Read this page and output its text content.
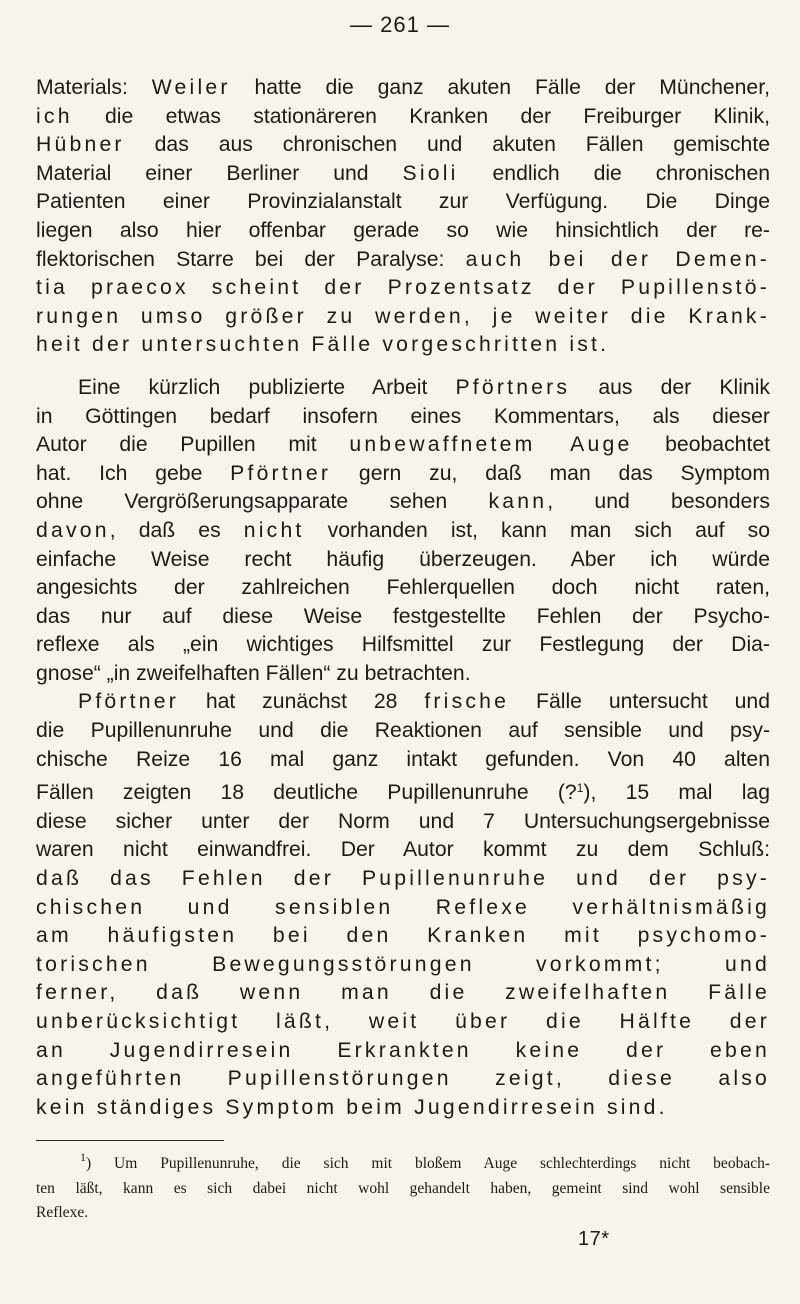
— 261 —
Materials: Weiler hatte die ganz akuten Fälle der Münchener,
ich die etwas stationäreren Kranken der Freiburger Klinik,
Hübner das aus chronischen und akuten Fällen gemischte
Material einer Berliner und Sioli endlich die chronischen
Patienten einer Provinzialanstalt zur Verfügung. Die Dinge
liegen also hier offenbar gerade so wie hinsichtlich der re-
flektorischen Starre bei der Paralyse: auch bei der Demen-
tia praecox scheint der Prozentsatz der Pupillenstö-
rungen umso größer zu werden, je weiter die Krank-
heit der untersuchten Fälle vorgeschritten ist.
Eine kürzlich publizierte Arbeit Pförtners aus der Klinik
in Göttingen bedarf insofern eines Kommentars, als dieser
Autor die Pupillen mit unbewaffnetem Auge beobachtet
hat. Ich gebe Pförtner gern zu, daß man das Symptom
ohne Vergrößerungsapparate sehen kann, und besonders
davon, daß es nicht vorhanden ist, kann man sich auf so
einfache Weise recht häufig überzeugen. Aber ich würde
angesichts der zahlreichen Fehlerquellen doch nicht raten,
das nur auf diese Weise festgestellte Fehlen der Psycho-
reflexe als „ein wichtiges Hilfsmittel zur Festlegung der Dia-
gnose“ „in zweifelhaften Fällen“ zu betrachten.
Pförtner hat zunächst 28 frische Fälle untersucht und
die Pupillenunruhe und die Reaktionen auf sensible und psy-
chische Reize 16 mal ganz intakt gefunden. Von 40 alten
Fällen zeigten 18 deutliche Pupillenunruhe (?$^1$), 15 mal lag
diese sicher unter der Norm und 7 Untersuchungsergebnisse
waren nicht einwandfrei. Der Autor kommt zu dem Schluß:
daß das Fehlen der Pupillenunruhe und der psy-
chischen und sensiblen Reflexe verhältnismäßig
am häufigsten bei den Kranken mit psychomo-
torischen Bewegungsstörungen vorkommt; und
ferner, daß wenn man die zweifelhaften Fälle
unberücksichtigt läßt, weit über die Hälfte der
an Jugendirresein Erkrankten keine der eben
angeführten Pupillenstörungen zeigt, diese also
kein ständiges Symptom beim Jugendirresein sind.
$^1$) Um Pupillenunruhe, die sich mit bloßem Auge schlechterdings nicht beobach-
ten läßt, kann es sich dabei nicht wohl gehandelt haben, gemeint sind wohl sensible
Reflexe.
17*
